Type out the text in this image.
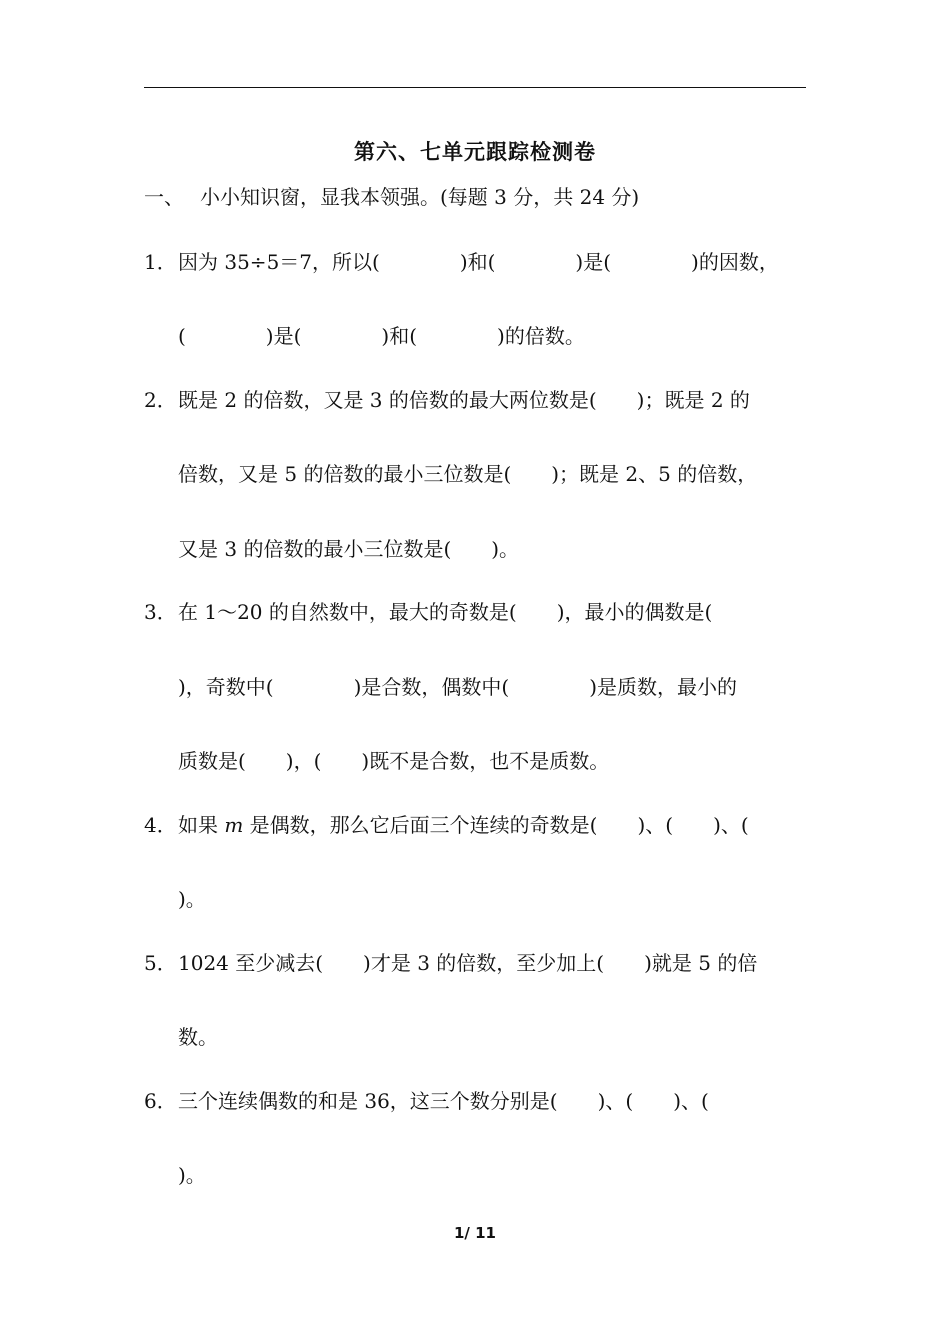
第六、七单元跟踪检测卷
一、 小小知识窗，显我本领强。(每题 3 分，共 24 分)
1．因为 35÷5＝7，所以(　　　　)和(　　　　)是(　　　　)的因数，
(　　　　)是(　　　　)和(　　　　)的倍数。
2．既是 2 的倍数，又是 3 的倍数的最大两位数是(　　)；既是 2 的
倍数，又是 5 的倍数的最小三位数是(　　)；既是 2、5 的倍数，
又是 3 的倍数的最小三位数是(　　)。
3．在 1～20 的自然数中，最大的奇数是(　　)，最小的偶数是(
)，奇数中(　　　　)是合数，偶数中(　　　　)是质数，最小的
质数是(　　)，(　　)既不是合数，也不是质数。
4．如果 m 是偶数，那么它后面三个连续的奇数是(　　)、(　　)、(
)。
5．1024 至少减去(　　)才是 3 的倍数，至少加上(　　)就是 5 的倍
数。
6．三个连续偶数的和是 36，这三个数分别是(　　)、(　　)、(
)。
1/ 11
